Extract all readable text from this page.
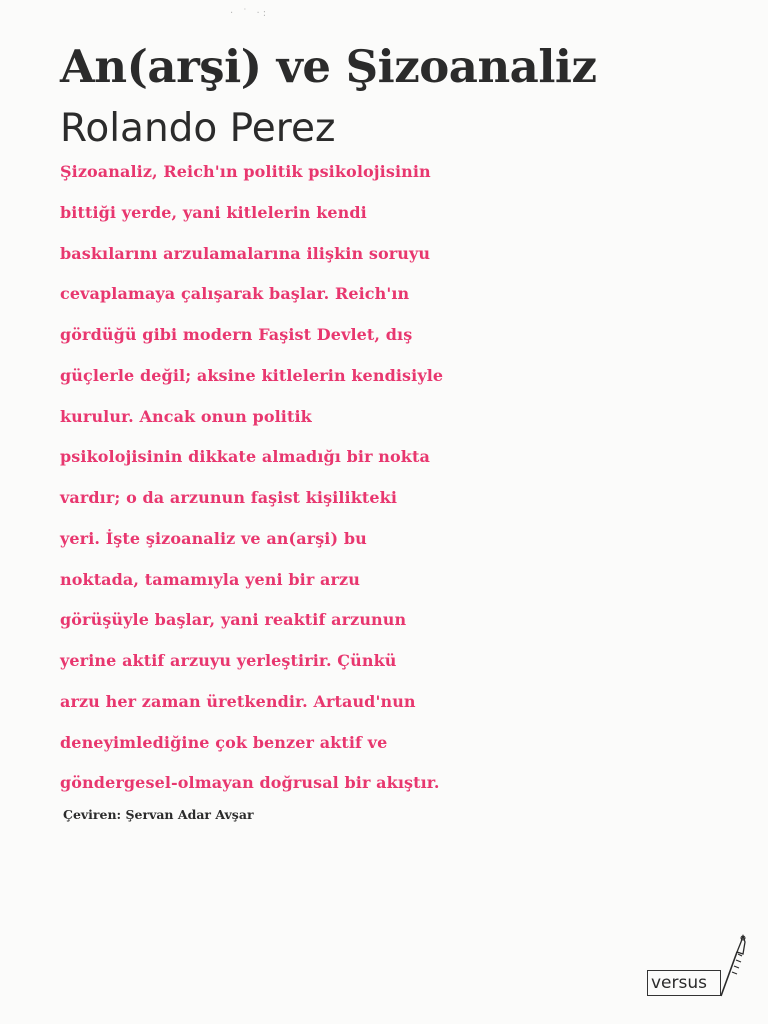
· ˙ ·:
An(arşi) ve Şizoanaliz
Rolando Perez
Şizoanaliz, Reich'ın politik psikolojisinin
bittiği yerde, yani kitlelerin kendi
baskılarını arzulamalarına ilişkin soruyu
cevaplamaya çalışarak başlar. Reich'ın
gördüğü gibi modern Faşist Devlet, dış
güçlerle değil; aksine kitlelerin kendisiyle
kurulur. Ancak onun politik
psikolojisinin dikkate almadığı bir nokta
vardır; o da arzunun faşist kişilikteki
yeri. İşte şizoanaliz ve an(arşi) bu
noktada, tamamıyla yeni bir arzu
görüşüyle başlar, yani reaktif arzunun
yerine aktif arzuyu yerleştirir. Çünkü
arzu her zaman üretkendir. Artaud'nun
deneyimlediğine çok benzer aktif ve
göndergesel-olmayan doğrusal bir akıştır.
Çeviren: Şervan Adar Avşar
versus
